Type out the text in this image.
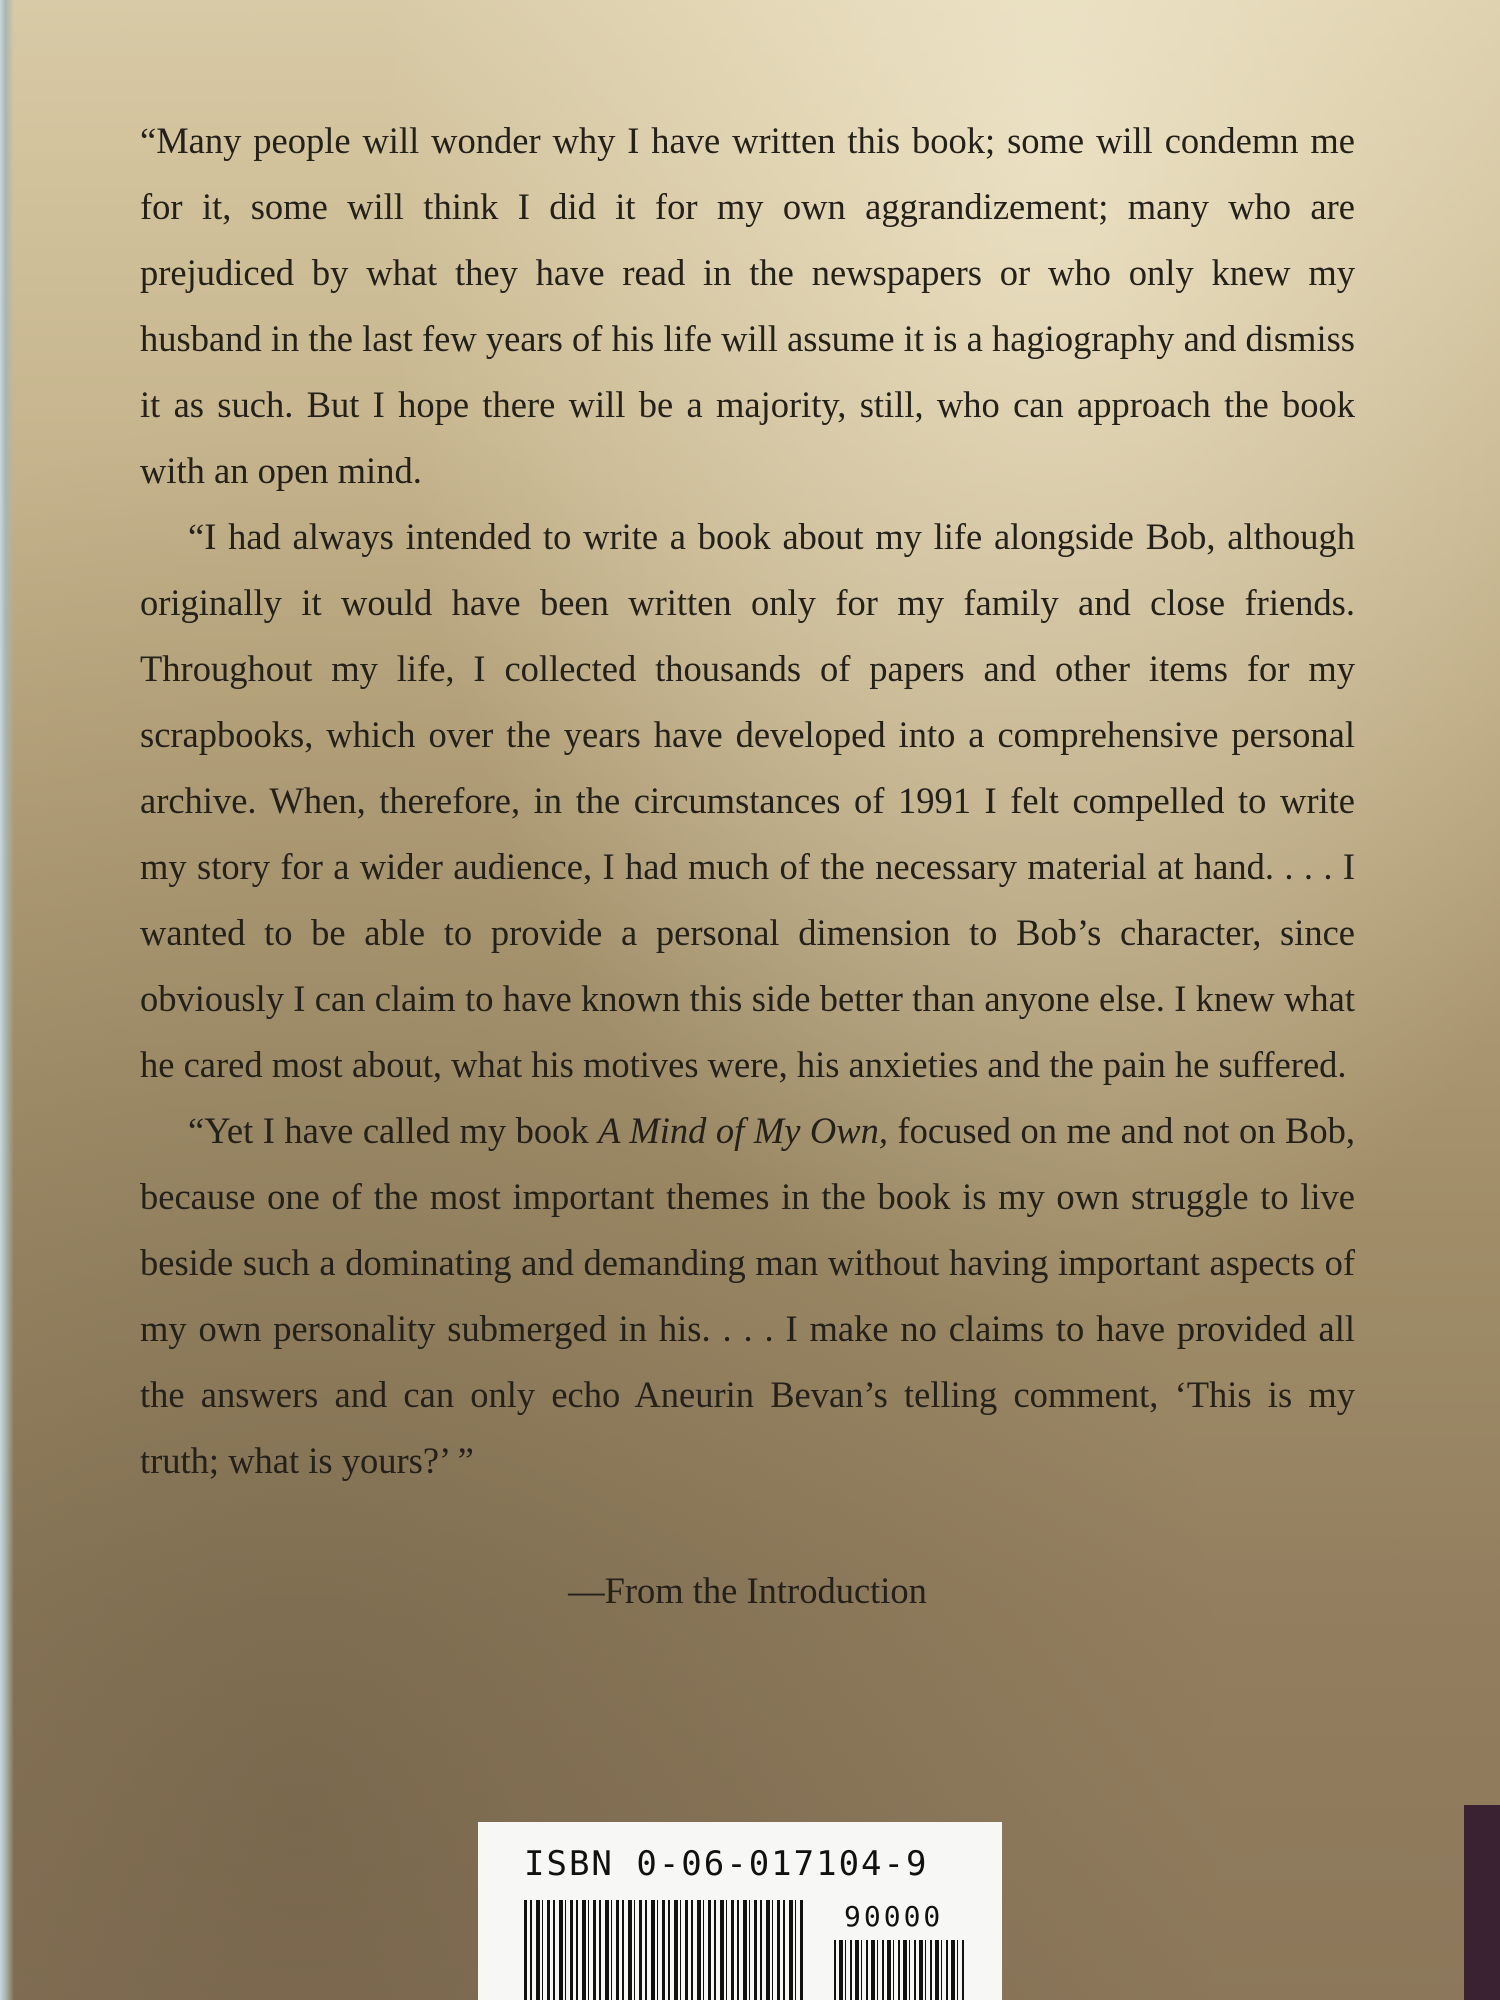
“Many people will wonder why I have written this book; some will condemn me for it, some will think I did it for my own aggrandizement; many who are prejudiced by what they have read in the newspapers or who only knew my husband in the last few years of his life will assume it is a hagiography and dismiss it as such. But I hope there will be a majority, still, who can approach the book with an open mind.

“I had always intended to write a book about my life alongside Bob, although originally it would have been written only for my family and close friends. Throughout my life, I collected thousands of papers and other items for my scrapbooks, which over the years have developed into a comprehensive personal archive. When, therefore, in the circumstances of 1991 I felt compelled to write my story for a wider audience, I had much of the necessary material at hand. . . . I wanted to be able to provide a personal dimension to Bob’s character, since obviously I can claim to have known this side better than anyone else. I knew what he cared most about, what his motives were, his anxieties and the pain he suffered.

“Yet I have called my book A Mind of My Own, focused on me and not on Bob, because one of the most important themes in the book is my own struggle to live beside such a dominating and demanding man without having important aspects of my own personality submerged in his. . . . I make no claims to have provided all the answers and can only echo Aneurin Bevan’s telling comment, ‘This is my truth; what is yours?’ ”

—From the Introduction
ISBN 0-06-017104-9
90000
